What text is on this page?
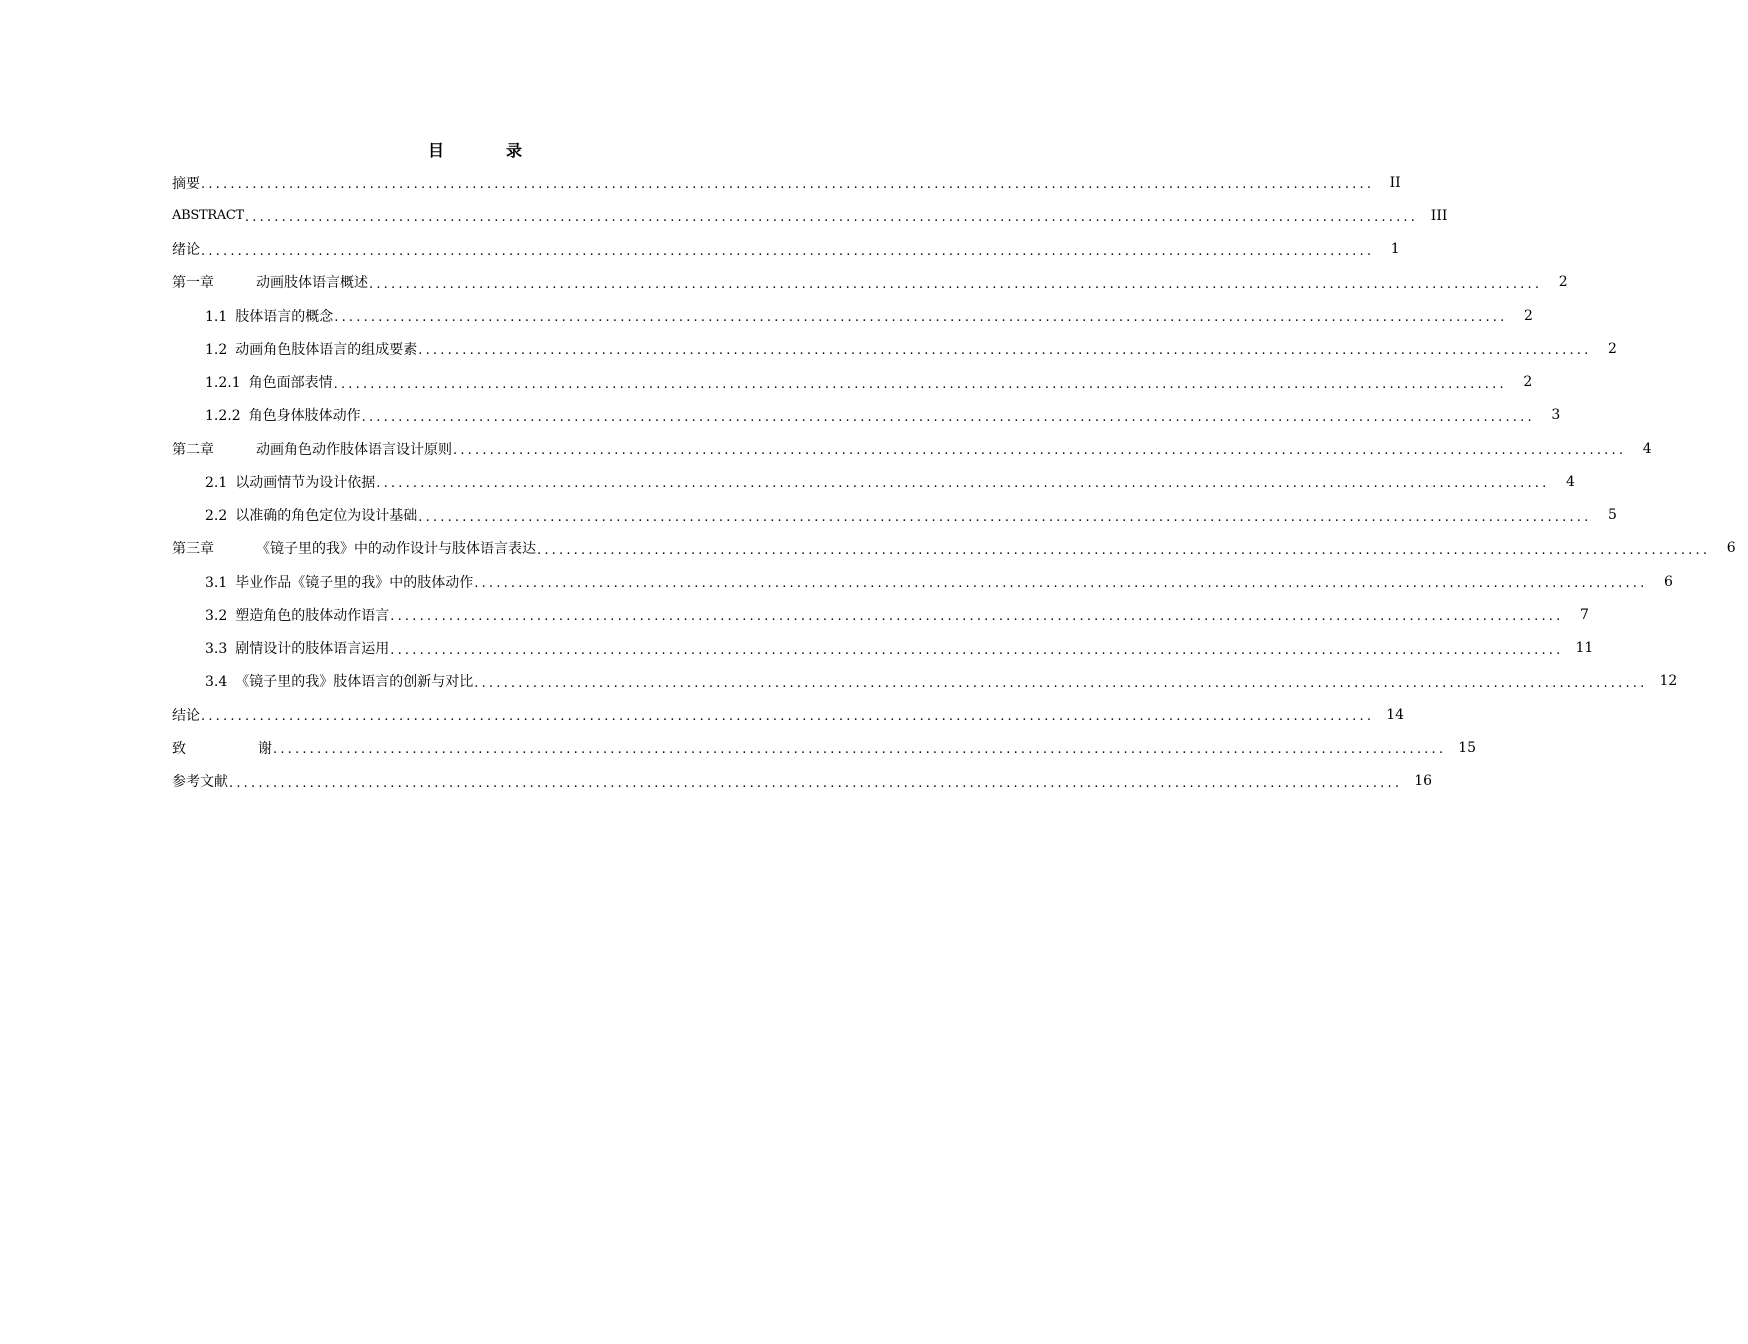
目	录
摘要 ................................................................................................................................................................	II
ABSTRACT ................................................................................................................................................................ III
绪论 ................................................................................................................................................................	1
第一章	动画肢体语言概述 ................................................................................................................................................................	2
1.1 肢体语言的概念 ................................................................................................................................................................	2
1.2 动画角色肢体语言的组成要素 ................................................................................................................................................................	2
1.2.1 角色面部表情 ................................................................................................................................................................	2
1.2.2 角色身体肢体动作 ................................................................................................................................................................	3
第二章	动画角色动作肢体语言设计原则 ................................................................................................................................................................	4
2.1 以动画情节为设计依据 ................................................................................................................................................................	4
2.2 以准确的角色定位为设计基础 ................................................................................................................................................................	5
第三章	《镜子里的我》中的动作设计与肢体语言表达 ................................................................................................................................................................	6
3.1 毕业作品《镜子里的我》中的肢体动作 ................................................................................................................................................................	6
3.2 塑造角色的肢体动作语言 ................................................................................................................................................................	7
3.3 剧情设计的肢体语言运用 ................................................................................................................................................................ 11
3.4 《镜子里的我》肢体语言的创新与对比 ................................................................................................................................................................ 12
结论 ................................................................................................................................................................ 14
致	谢 ................................................................................................................................................................ 15
参考文献 ................................................................................................................................................................ 16
